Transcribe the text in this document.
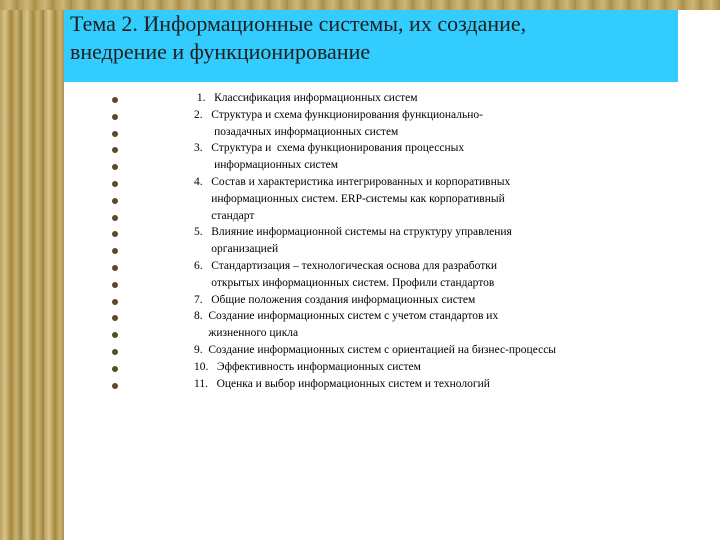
Тема 2. Информационные системы, их создание,
внедрение и функционирование
1.   Классификация информационных систем
2.   Структура и схема функционирования функционально-
позадачных информационных систем
3.   Структура и  схема функционирования процессных
информационных систем
4.   Состав и характеристика интегрированных и корпоративных
информационных систем. ERP-системы как корпоративный
стандарт
5.   Влияние информационной системы на структуру управления
организацией
6.   Стандартизация – технологическая основа для разработки
открытых информационных систем. Профили стандартов
7.   Общие положения создания информационных систем
8.  Создание информационных систем с учетом стандартов их
жизненного цикла
9.  Создание информационных систем с ориентацией на бизнес-процессы
10.   Эффективность информационных систем
11.   Оценка и выбор информационных систем и технологий
